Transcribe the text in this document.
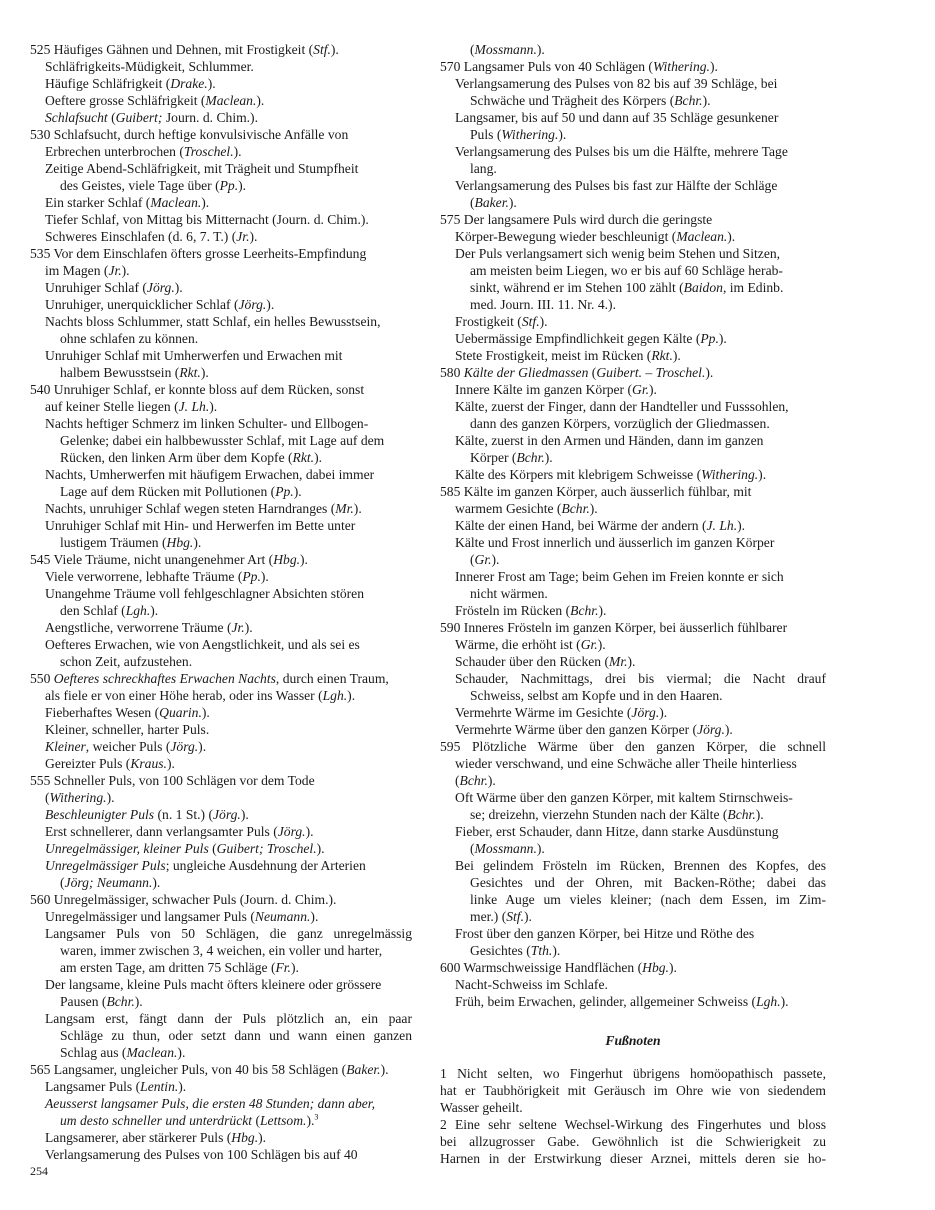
525 Häufiges Gähnen und Dehnen, mit Frostigkeit (Stf.).
Schläfrigkeits-Müdigkeit, Schlummer.
Häufige Schläfrigkeit (Drake.).
Oeftere grosse Schläfrigkeit (Maclean.).
Schlafsucht (Guibert; Journ. d. Chim.).
530 Schlafsucht, durch heftige konvulsivische Anfälle von
Erbrechen unterbrochen (Troschel.).
Zeitige Abend-Schläfrigkeit, mit Trägheit und Stumpfheit
des Geistes, viele Tage über (Pp.).
Ein starker Schlaf (Maclean.).
Tiefer Schlaf, von Mittag bis Mitternacht (Journ. d. Chim.).
Schweres Einschlafen (d. 6, 7. T.) (Jr.).
535 Vor dem Einschlafen öfters grosse Leerheits-Empfindung
im Magen (Jr.).
Unruhiger Schlaf (Jörg.).
Unruhiger, unerquicklicher Schlaf (Jörg.).
Nachts bloss Schlummer, statt Schlaf, ein helles Bewusstsein,
ohne schlafen zu können.
Unruhiger Schlaf mit Umherwerfen und Erwachen mit
halbem Bewusstsein (Rkt.).
540 Unruhiger Schlaf, er konnte bloss auf dem Rücken, sonst
auf keiner Stelle liegen (J. Lh.).
Nachts heftiger Schmerz im linken Schulter- und Ellbogen-
Gelenke; dabei ein halbbewusster Schlaf, mit Lage auf dem
Rücken, den linken Arm über dem Kopfe (Rkt.).
Nachts, Umherwerfen mit häufigem Erwachen, dabei immer
Lage auf dem Rücken mit Pollutionen (Pp.).
Nachts, unruhiger Schlaf wegen steten Harndranges (Mr.).
Unruhiger Schlaf mit Hin- und Herwerfen im Bette unter
lustigem Träumen (Hbg.).
545 Viele Träume, nicht unangenehmer Art (Hbg.).
Viele verworrene, lebhafte Träume (Pp.).
Unangehme Träume voll fehlgeschlagner Absichten stören
den Schlaf (Lgh.).
Aengstliche, verworrene Träume (Jr.).
Oefteres Erwachen, wie von Aengstlichkeit, und als sei es
schon Zeit, aufzustehen.
550 Oefteres schreckhaftes Erwachen Nachts, durch einen Traum,
als fiele er von einer Höhe herab, oder ins Wasser (Lgh.).
Fieberhaftes Wesen (Quarin.).
Kleiner, schneller, harter Puls.
Kleiner, weicher Puls (Jörg.).
Gereizter Puls (Kraus.).
555 Schneller Puls, von 100 Schlägen vor dem Tode
(Withering.).
Beschleunigter Puls (n. 1 St.) (Jörg.).
Erst schnellerer, dann verlangsamter Puls (Jörg.).
Unregelmässiger, kleiner Puls (Guibert; Troschel.).
Unregelmässiger Puls; ungleiche Ausdehnung der Arterien
(Jörg; Neumann.).
560 Unregelmässiger, schwacher Puls (Journ. d. Chim.).
Unregelmässiger und langsamer Puls (Neumann.).
Langsamer Puls von 50 Schlägen, die ganz unregelmässig
waren, immer zwischen 3, 4 weichen, ein voller und harter,
am ersten Tage, am dritten 75 Schläge (Fr.).
Der langsame, kleine Puls macht öfters kleinere oder grössere
Pausen (Bchr.).
Langsam erst, fängt dann der Puls plötzlich an, ein paar
Schläge zu thun, oder setzt dann und wann einen ganzen
Schlag aus (Maclean.).
565 Langsamer, ungleicher Puls, von 40 bis 58 Schlägen (Baker.).
Langsamer Puls (Lentin.).
Aeusserst langsamer Puls, die ersten 48 Stunden; dann aber,
um desto schneller und unterdrückt (Lettsom.).$^3$
Langsamerer, aber stärkerer Puls (Hbg.).
Verlangsamerung des Pulses von 100 Schlägen bis auf 40
(Mossmann.).
570 Langsamer Puls von 40 Schlägen (Withering.).
Verlangsamerung des Pulses von 82 bis auf 39 Schläge, bei
Schwäche und Trägheit des Körpers (Bchr.).
Langsamer, bis auf 50 und dann auf 35 Schläge gesunkener
Puls (Withering.).
Verlangsamerung des Pulses bis um die Hälfte, mehrere Tage
lang.
Verlangsamerung des Pulses bis fast zur Hälfte der Schläge
(Baker.).
575 Der langsamere Puls wird durch die geringste
Körper-Bewegung wieder beschleunigt (Maclean.).
Der Puls verlangsamert sich wenig beim Stehen und Sitzen,
am meisten beim Liegen, wo er bis auf 60 Schläge herab-
sinkt, während er im Stehen 100 zählt (Baidon, im Edinb.
med. Journ. III. 11. Nr. 4.).
Frostigkeit (Stf.).
Uebermässige Empfindlichkeit gegen Kälte (Pp.).
Stete Frostigkeit, meist im Rücken (Rkt.).
580 Kälte der Gliedmassen (Guibert. – Troschel.).
Innere Kälte im ganzen Körper (Gr.).
Kälte, zuerst der Finger, dann der Handteller und Fusssohlen,
dann des ganzen Körpers, vorzüglich der Gliedmassen.
Kälte, zuerst in den Armen und Händen, dann im ganzen
Körper (Bchr.).
Kälte des Körpers mit klebrigem Schweisse (Withering.).
585 Kälte im ganzen Körper, auch äusserlich fühlbar, mit
warmem Gesichte (Bchr.).
Kälte der einen Hand, bei Wärme der andern (J. Lh.).
Kälte und Frost innerlich und äusserlich im ganzen Körper
(Gr.).
Innerer Frost am Tage; beim Gehen im Freien konnte er sich
nicht wärmen.
Frösteln im Rücken (Bchr.).
590 Inneres Frösteln im ganzen Körper, bei äusserlich fühlbarer
Wärme, die erhöht ist (Gr.).
Schauder über den Rücken (Mr.).
Schauder, Nachmittags, drei bis viermal; die Nacht drauf
Schweiss, selbst am Kopfe und in den Haaren.
Vermehrte Wärme im Gesichte (Jörg.).
Vermehrte Wärme über den ganzen Körper (Jörg.).
595 Plötzliche Wärme über den ganzen Körper, die schnell
wieder verschwand, und eine Schwäche aller Theile hinterliess
(Bchr.).
Oft Wärme über den ganzen Körper, mit kaltem Stirnschweis-
se; dreizehn, vierzehn Stunden nach der Kälte (Bchr.).
Fieber, erst Schauder, dann Hitze, dann starke Ausdünstung
(Mossmann.).
Bei gelindem Frösteln im Rücken, Brennen des Kopfes, des
Gesichtes und der Ohren, mit Backen-Röthe; dabei das
linke Auge um vieles kleiner; (nach dem Essen, im Zim-
mer.) (Stf.).
Frost über den ganzen Körper, bei Hitze und Röthe des
Gesichtes (Tth.).
600 Warmschweissige Handflächen (Hbg.).
Nacht-Schweiss im Schlafe.
Früh, beim Erwachen, gelinder, allgemeiner Schweiss (Lgh.).
Fußnoten
1 Nicht selten, wo Fingerhut übrigens homöopathisch passete,
hat er Taubhörigkeit mit Geräusch im Ohre wie von siedendem
Wasser geheilt.
2 Eine sehr seltene Wechsel-Wirkung des Fingerhutes und bloss
bei allzugrosser Gabe. Gewöhnlich ist die Schwierigkeit zu
Harnen in der Erstwirkung dieser Arznei, mittels deren sie ho-
254
